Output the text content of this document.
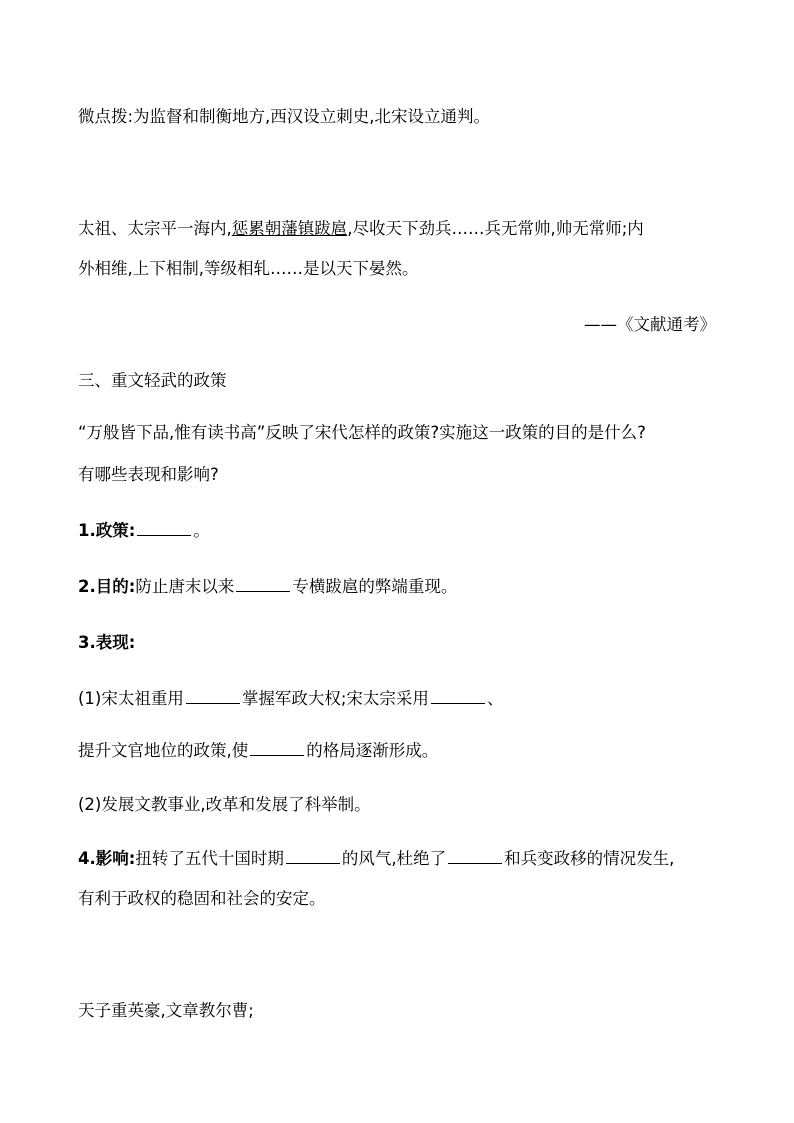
微点拨:为监督和制衡地方,西汉设立刺史,北宋设立通判。
太祖、太宗平一海内,惩累朝藩镇跋扈,尽收天下劲兵……兵无常帅,帅无常师;内
外相维,上下相制,等级相轧……是以天下晏然。
——《文献通考》
三、重文轻武的政策
“万般皆下品,惟有读书高”反映了宋代怎样的政策?实施这一政策的目的是什么?
有哪些表现和影响?
1.政策:	。
2.目的:防止唐末以来	专横跋扈的弊端重现。
3.表现:
(1)宋太祖重用	掌握军政大权;宋太宗采用	、
提升文官地位的政策,使	的格局逐渐形成。
(2)发展文教事业,改革和发展了科举制。
4.影响:扭转了五代十国时期	的风气,杜绝了	和兵变政移的情况发生,
有利于政权的稳固和社会的安定。
天子重英豪,文章教尔曹;
